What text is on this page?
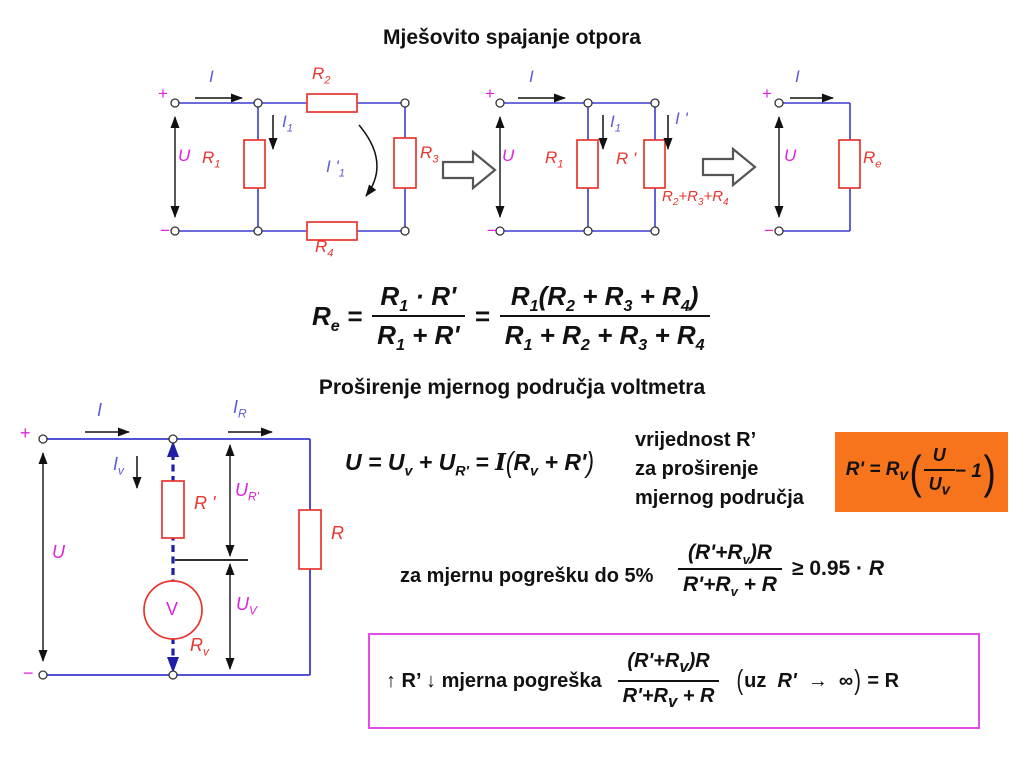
Mješovito spajanje otpora
+
−
I
U $R_1$
$I_1$
$R_2$
$R_3$
$R_4$
I '$_1$
+
−
I
U $R_1$
$I_1$
R '
I '
$R_2+R_3+R_4$
+
−
I
U	$R_e$
$R_e = \frac{R_1 \cdot R'}{R_1 + R'} = \frac{R_1(R_2 + R_3 + R_4)}{R_1 + R_2 + R_3 + R_4}$
Proširenje mjernog područja voltmetra
+
−
I	$I_R$
$I_v$
U
R '
$U_{R'}$
$U_V$
$R_v$
V
R
$U = U_v + U_{R'} = I(R_v + R')$
vrijednost R’
za proširenje
mjernog područja
$R' = R_v$ ( $\frac{U}{U_v} - 1$ )
za mjernu pogrešku do $5\% \frac{(R'+R_v)R}{R'+R_v + R} \ge 0.95 \cdot R$
↑ R’ ↓ mjerna pogreška $\frac{(R'+R_v)R}{R'+R_v + R} (uz$  R'  →  ∞) = R
